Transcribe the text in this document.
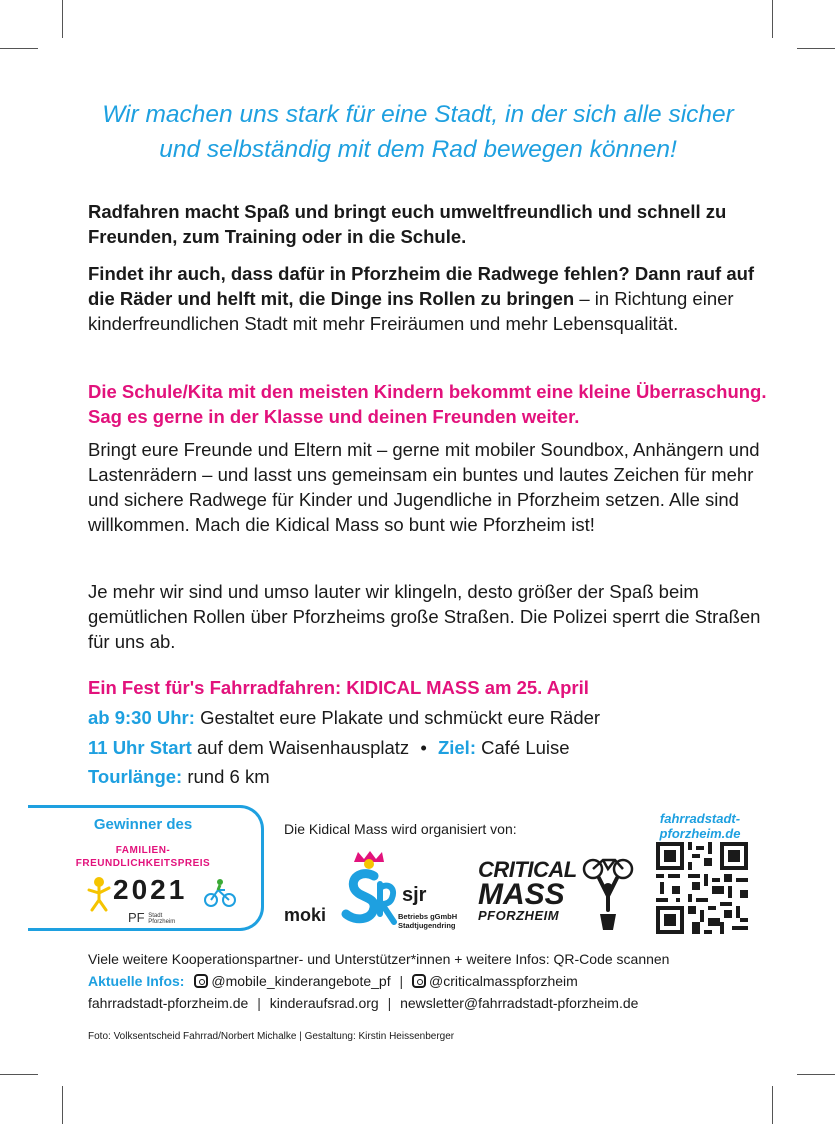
Wir machen uns stark für eine Stadt, in der sich alle sicher
und selbständig mit dem Rad bewegen können!
Radfahren macht Spaß und bringt euch umweltfreundlich und schnell zu Freunden, zum Training oder in die Schule.
Findet ihr auch, dass dafür in Pforzheim die Radwege fehlen? Dann rauf auf die Räder und helft mit, die Dinge ins Rollen zu bringen – in Richtung einer kinderfreundlichen Stadt mit mehr Freiräumen und mehr Lebensqualität.
Die Schule/Kita mit den meisten Kindern bekommt eine kleine Überraschung. Sag es gerne in der Klasse und deinen Freunden weiter.
Bringt eure Freunde und Eltern mit – gerne mit mobiler Soundbox, Anhängern und Lastenrädern – und lasst uns gemeinsam ein buntes und lautes Zeichen für mehr und sichere Radwege für Kinder und Jugendliche in Pforzheim setzen. Alle sind willkommen. Mach die Kidical Mass so bunt wie Pforzheim ist!
Je mehr wir sind und umso lauter wir klingeln, desto größer der Spaß beim gemütlichen Rollen über Pforzheims große Straßen. Die Polizei sperrt die Straßen für uns ab.
Ein Fest für's Fahrradfahren: KIDICAL MASS am 25. April
ab 9:30 Uhr: Gestaltet eure Plakate und schmückt eure Räder
11 Uhr Start auf dem Waisenhausplatz • Ziel: Café Luise
Tourlänge: rund 6 km
Gewinner des
FAMILIEN-
FREUNDLICHKEITSPREIS
2021
PF Stadt
Pforzheim
Die Kidical Mass wird organisiert von:
fahrradstadt-
pforzheim.de
moki
sjr
Betriebs gGmbH
Stadtjugendring
CRITICAL
MASS
PFORZHEIM
Viele weitere Kooperationspartner- und Unterstützer*innen + weitere Infos: QR-Code scannen
Aktuelle Infos: @mobile_kinderangebote_pf | @criticalmasspforzheim
fahrradstadt-pforzheim.de | kinderaufsrad.org | newsletter@fahrradstadt-pforzheim.de
Foto: Volksentscheid Fahrrad/Norbert Michalke | Gestaltung: Kirstin Heissenberger
